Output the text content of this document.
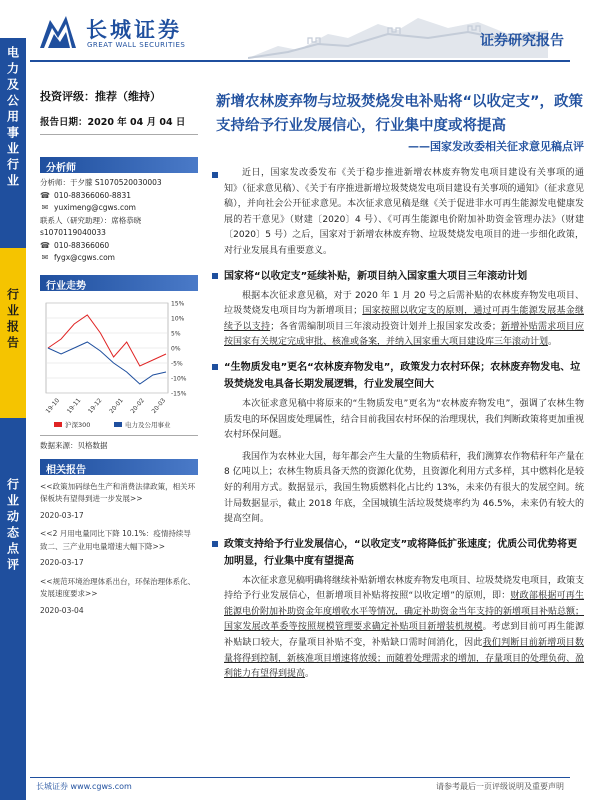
长城证券
GREAT WALL SECURITIES	证券研究报告
电力及公用事业行业
行业报告
行业动态点评
投资评级：推荐（维持）
报告日期：2020 年 04 月 04 日
分析师
分析师：于夕朦 S1070520030003
☎ 010-88366060-8831
✉ yuximeng@cgws.com
联系人（研究助理）：席格恭晓
s1070119040033
☎ 010-88366060
✉ fygx@cgws.com
行业走势
15%
10%
5%
0%
-5%
-10%
-15%
19-10 19-11 19-12 20-01 20-02 20-03
沪深300	电力及公用事业
数据来源：贝格数据
相关报告
<<政策加码绿色生产和消费法律政策，相关环保板块有望得到进一步发展>>
2020-03-17
<<2 月用电量同比下降 10.1%：疫情持续导致二、三产业用电量增速大幅下降>>
2020-03-17
<<规范环境治理体系出台，环保治理体系化、发展速度要求>>
2020-03-04
新增农林废弃物与垃圾焚烧发电补贴将“以收定支”，政策支持给予行业发展信心，行业集中度或将提高
——国家发改委相关征求意见稿点评
近日，国家发改委发布《关于稳步推进新增农林废弃物发电项目建设有关事项的通知》（征求意见稿）、《关于有序推进新增垃圾焚烧发电项目建设有关事项的通知》（征求意见稿），并向社会公开征求意见。本次征求意见稿是继《关于促进非水可再生能源发电健康发展的若干意见》（财建〔2020〕4 号）、《可再生能源电价附加补助资金管理办法》（财建〔2020〕5 号）之后，国家对于新增农林废弃物、垃圾焚烧发电项目的进一步细化政策，对行业发展具有重要意义。
国家将“以收定支”延续补贴，新项目纳入国家重大项目三年滚动计划
根据本次征求意见稿，对于 2020 年 1 月 20 号之后需补贴的农林废弃物发电项目、垃圾焚烧发电项目均为新增项目；国家按照以收定支的原则，通过可再生能源发展基金继续予以支持；各省需编制项目三年滚动投资计划并上报国家发改委；新增补贴需求项目应按国家有关规定完成审批、核准或备案，并纳入国家重大项目建设库三年滚动计划。
“生物质发电”更名“农林废弃物发电”，政策发力农村环保；农林废弃物发电、垃圾焚烧发电具备长期发展逻辑，行业发展空间大
本次征求意见稿中将原来的“生物质发电”更名为“农林废弃物发电”，强调了农林生物质发电的环保固废处理属性，结合目前我国农村环保的治理现状，我们判断政策将更加重视农村环保问题。
我国作为农林业大国，每年都会产生大量的生物质秸秆，我们测算农作物秸秆年产量在 8 亿吨以上；农林生物质具备天然的资源化优势，且资源化利用方式多样，其中燃料化是较好的利用方式。数据显示，我国生物质燃料化占比约 13%，未来仍有很大的发展空间。统计局数据显示，截止 2018 年底，全国城镇生活垃圾焚烧率约为 46.5%，未来仍有较大的提高空间。
政策支持给予行业发展信心，“以收定支”或将降低扩张速度；优质公司优势将更加明显，行业集中度有望提高
本次征求意见稿明确将继续补贴新增农林废弃物发电项目、垃圾焚烧发电项目，政策支持给予行业发展信心，但新增项目补贴将按照“以收定增”的原则，即：财政部根据可再生能源电价附加补助资金年度增收水平等情况，确定补助资金当年支持的新增项目补贴总额；国家发展改革委等按照规模管理要求确定补贴项目新增装机规模。考虑到目前可再生能源补贴缺口较大，存量项目补贴不变，补贴缺口需时间消化，因此我们判断目前新增项目数量将得到控制，新核准项目增速将放缓；而随着处理需求的增加，存量项目的处理负荷、盈利能力有望得到提高。
长城证券 www.cgws.com	请参考最后一页评级说明及重要声明
